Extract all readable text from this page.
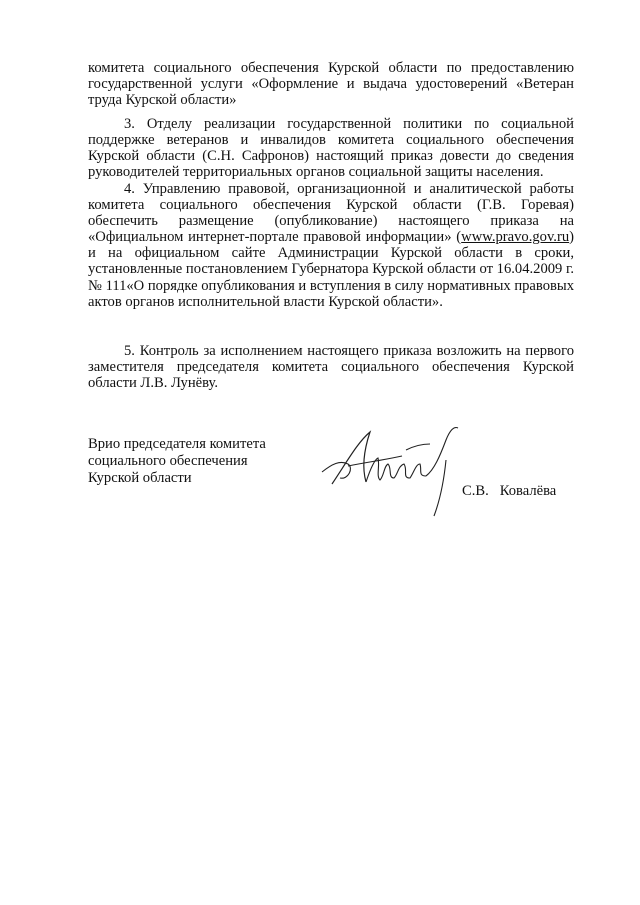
комитета социального обеспечения Курской области по предоставлению государственной услуги «Оформление и выдача удостоверений «Ветеран труда Курской области»

3. Отделу реализации государственной политики по социальной поддержке ветеранов и инвалидов комитета социального обеспечения Курской области (С.Н. Сафронов) настоящий приказ довести до сведения руководителей территориальных органов социальной защиты населения.

4. Управлению правовой, организационной и аналитической работы комитета социального обеспечения Курской области (Г.В. Горевая) обеспечить размещение (опубликование) настоящего приказа на «Официальном интернет-портале правовой информации» (www.pravo.gov.ru) и на официальном сайте Администрации Курской области в сроки, установленные постановлением Губернатора Курской области от 16.04.2009 г. № 111«О порядке опубликования и вступления в силу нормативных правовых актов органов исполнительной власти Курской области».

5. Контроль за исполнением настоящего приказа возложить на первого заместителя председателя комитета социального обеспечения Курской области Л.В. Лунёву.

Врио председателя комитета
социального обеспечения
Курской области
С.В.   Ковалёва
